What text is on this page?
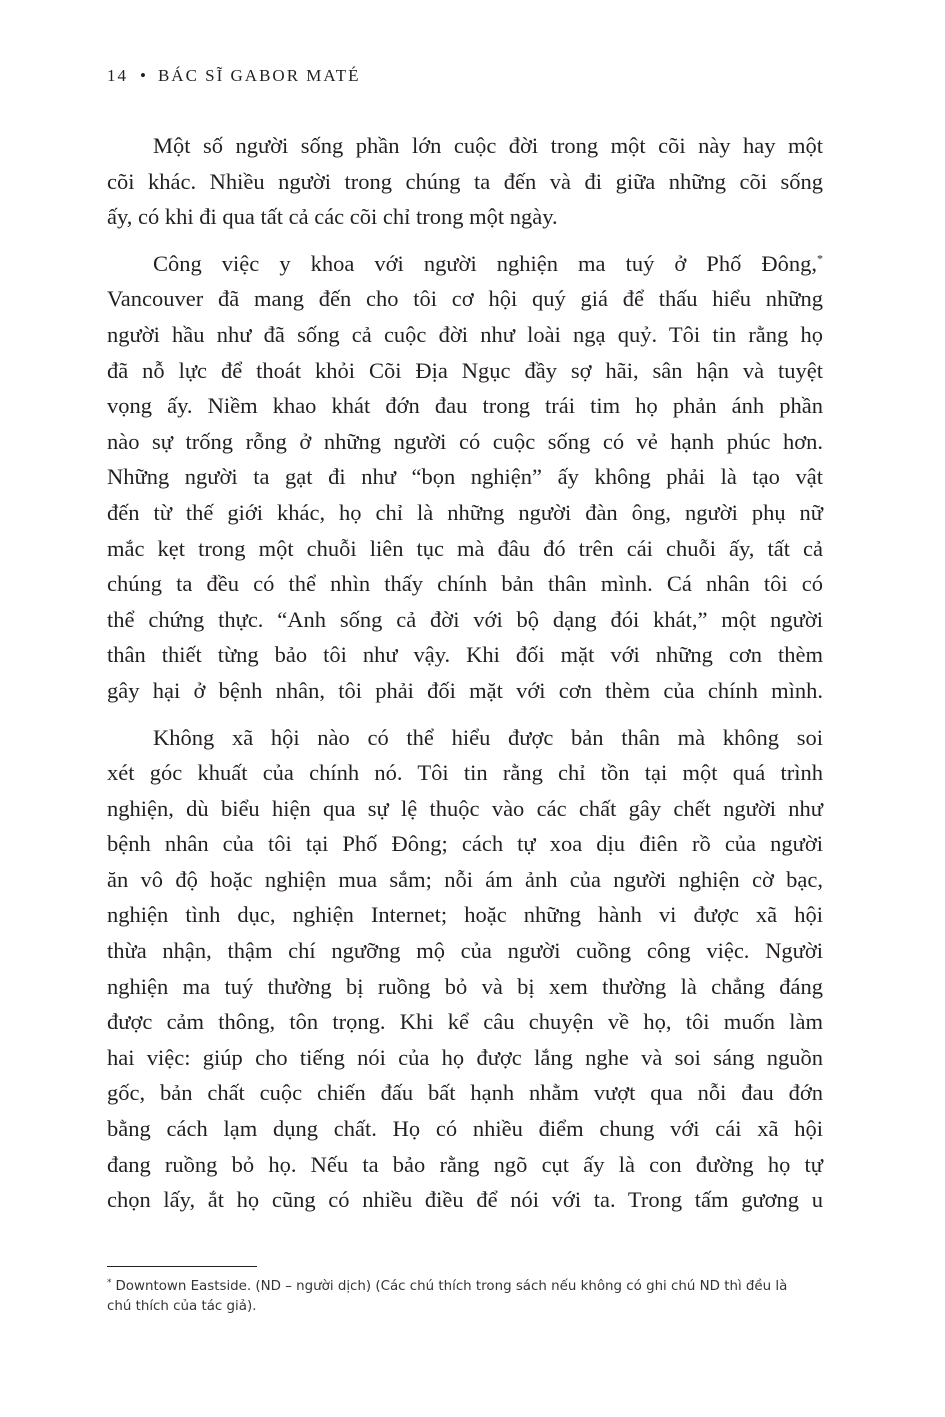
14 • BÁC SĨ GABOR MATÉ

Một số người sống phần lớn cuộc đời trong một cõi này hay một
cõi khác. Nhiều người trong chúng ta đến và đi giữa những cõi sống
ấy, có khi đi qua tất cả các cõi chỉ trong một ngày.

Công việc y khoa với người nghiện ma tuý ở Phố Đông,*
Vancouver đã mang đến cho tôi cơ hội quý giá để thấu hiểu những
người hầu như đã sống cả cuộc đời như loài ngạ quỷ. Tôi tin rằng họ
đã nỗ lực để thoát khỏi Cõi Địa Ngục đầy sợ hãi, sân hận và tuyệt
vọng ấy. Niềm khao khát đớn đau trong trái tim họ phản ánh phần
nào sự trống rỗng ở những người có cuộc sống có vẻ hạnh phúc hơn.
Những người ta gạt đi như “bọn nghiện” ấy không phải là tạo vật
đến từ thế giới khác, họ chỉ là những người đàn ông, người phụ nữ
mắc kẹt trong một chuỗi liên tục mà đâu đó trên cái chuỗi ấy, tất cả
chúng ta đều có thể nhìn thấy chính bản thân mình. Cá nhân tôi có
thể chứng thực. “Anh sống cả đời với bộ dạng đói khát,” một người
thân thiết từng bảo tôi như vậy. Khi đối mặt với những cơn thèm
gây hại ở bệnh nhân, tôi phải đối mặt với cơn thèm của chính mình.

Không xã hội nào có thể hiểu được bản thân mà không soi
xét góc khuất của chính nó. Tôi tin rằng chỉ tồn tại một quá trình
nghiện, dù biểu hiện qua sự lệ thuộc vào các chất gây chết người như
bệnh nhân của tôi tại Phố Đông; cách tự xoa dịu điên rồ của người
ăn vô độ hoặc nghiện mua sắm; nỗi ám ảnh của người nghiện cờ bạc,
nghiện tình dục, nghiện Internet; hoặc những hành vi được xã hội
thừa nhận, thậm chí ngưỡng mộ của người cuồng công việc. Người
nghiện ma tuý thường bị ruồng bỏ và bị xem thường là chẳng đáng
được cảm thông, tôn trọng. Khi kể câu chuyện về họ, tôi muốn làm
hai việc: giúp cho tiếng nói của họ được lắng nghe và soi sáng nguồn
gốc, bản chất cuộc chiến đấu bất hạnh nhằm vượt qua nỗi đau đớn
bằng cách lạm dụng chất. Họ có nhiều điểm chung với cái xã hội
đang ruồng bỏ họ. Nếu ta bảo rằng ngõ cụt ấy là con đường họ tự
chọn lấy, ắt họ cũng có nhiều điều để nói với ta. Trong tấm gương u

* Downtown Eastside. (ND – người dịch) (Các chú thích trong sách nếu không có ghi chú ND thì đều là
chú thích của tác giả).
